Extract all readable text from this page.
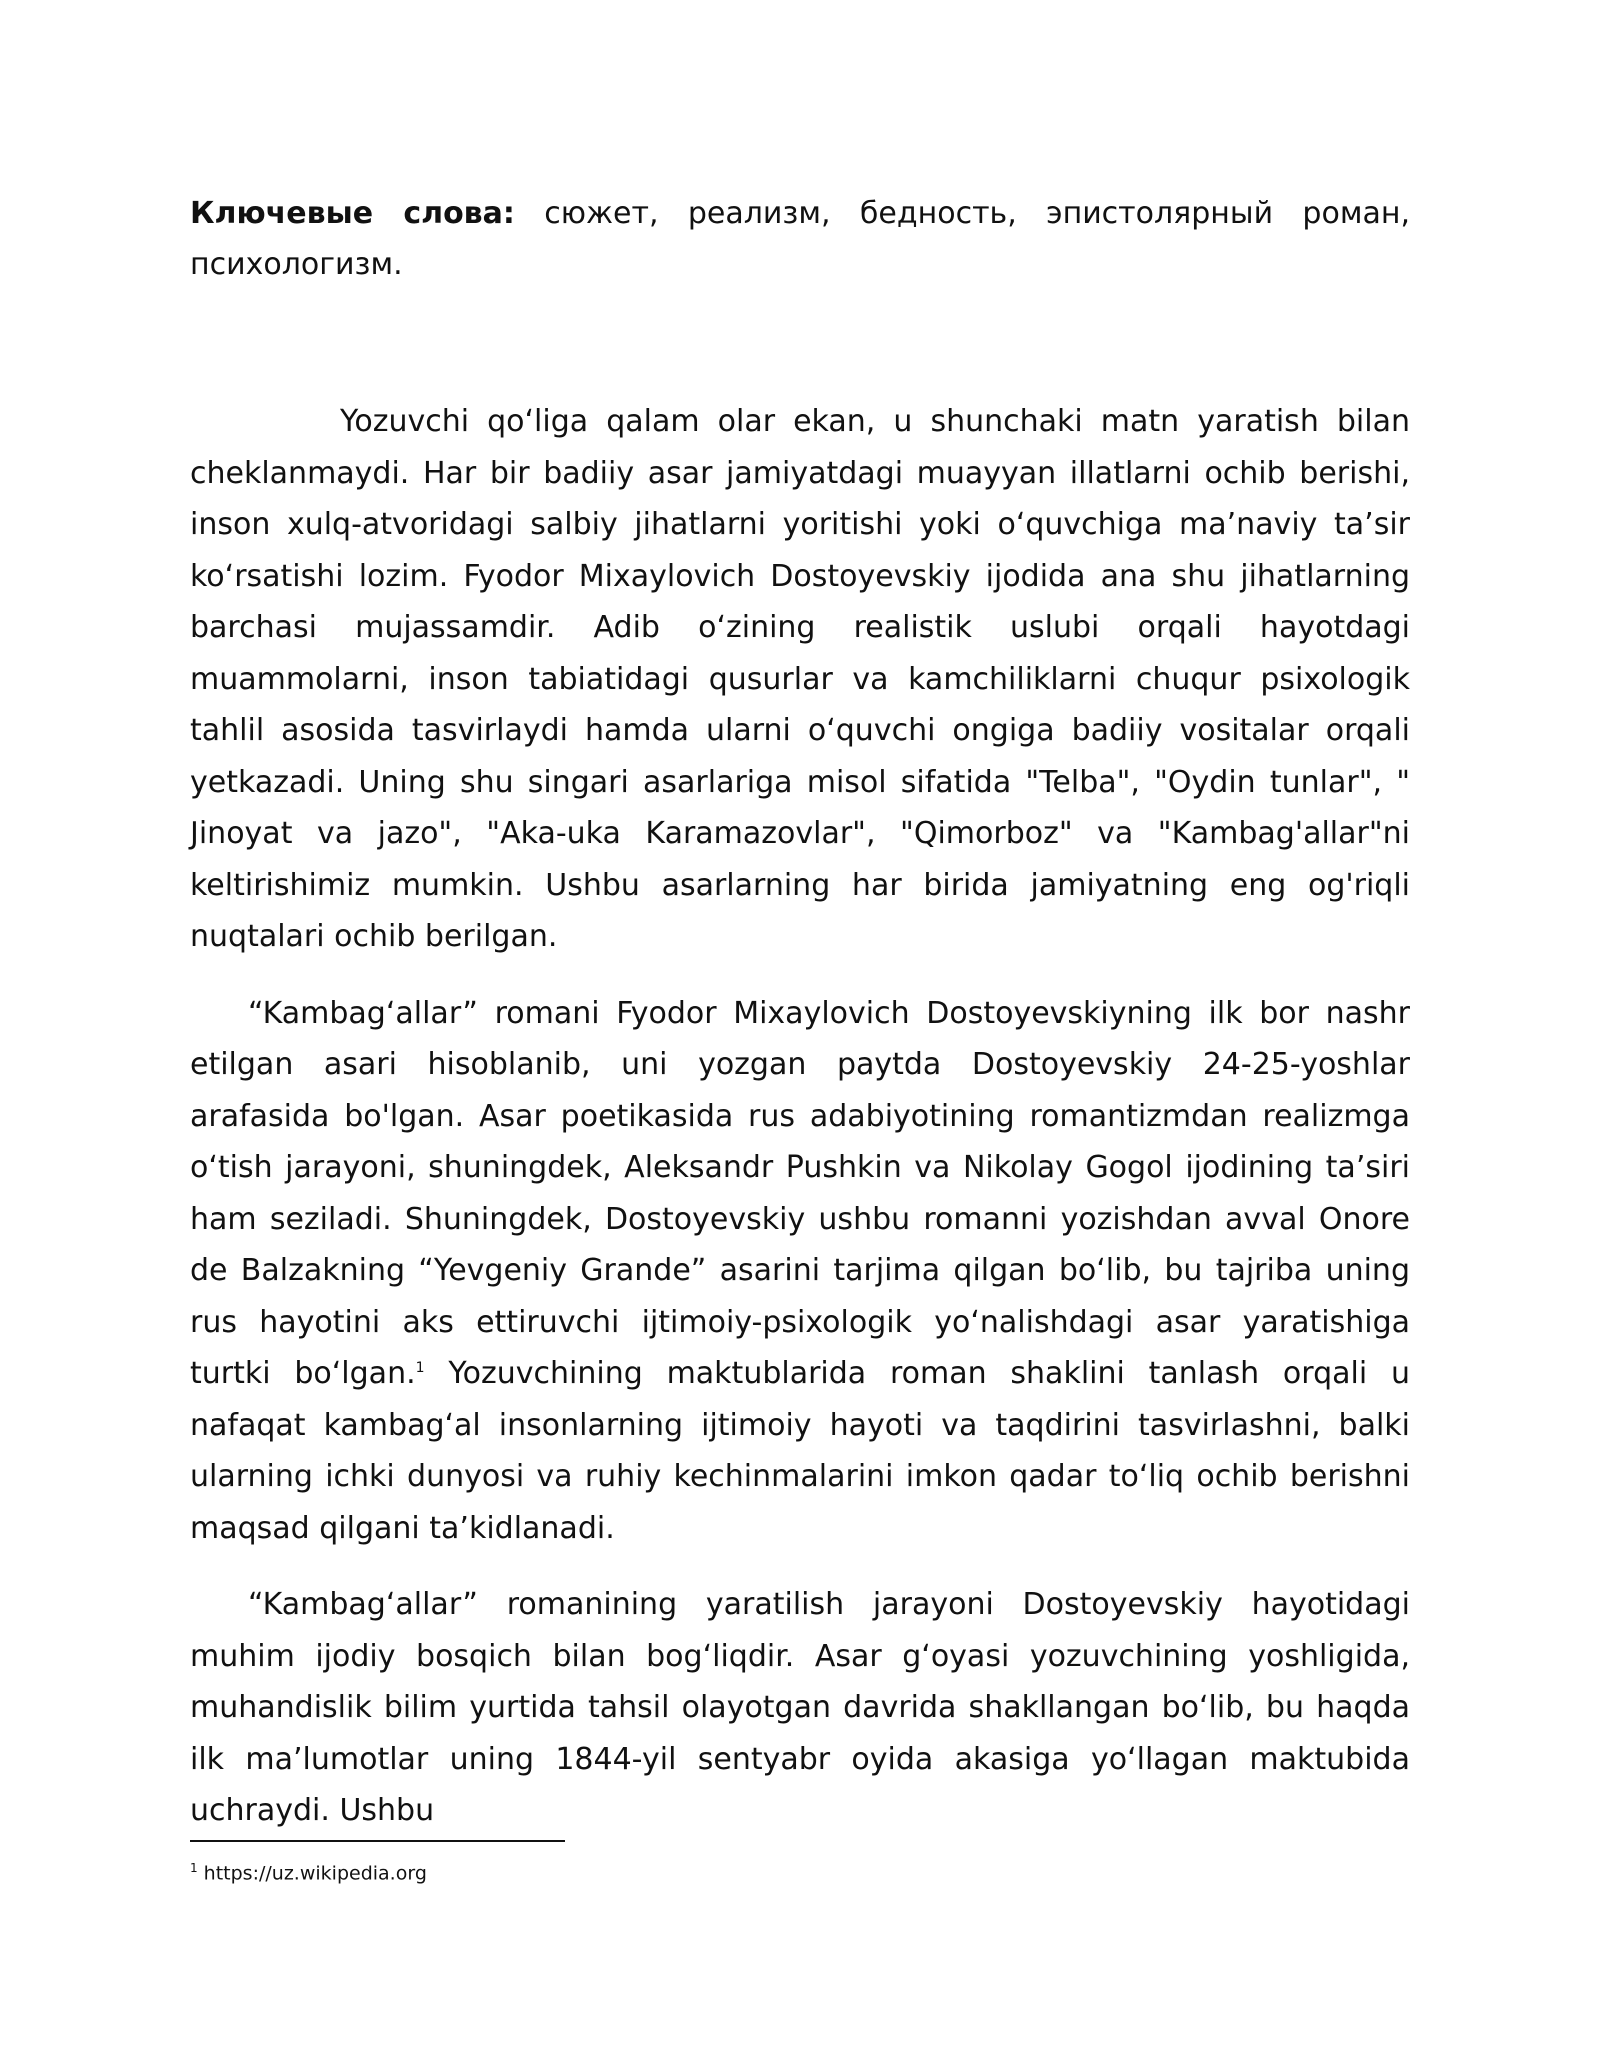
Ключевые слова: сюжет, реализм, бедность, эпистолярный роман, психологизм.

Yozuvchi qoʻliga qalam olar ekan, u shunchaki matn yaratish bilan cheklanmaydi. Har bir badiiy asar jamiyatdagi muayyan illatlarni ochib berishi, inson xulq-atvoridagi salbiy jihatlarni yoritishi yoki oʻquvchiga maʼnaviy taʼsir koʻrsatishi lozim. Fyodor Mixaylovich Dostoyevskiy ijodida ana shu jihatlarning barchasi mujassamdir. Adib oʻzining realistik uslubi orqali hayotdagi muammolarni, inson tabiatidagi qusurlar va kamchiliklarni chuqur psixologik tahlil asosida tasvirlaydi hamda ularni oʻquvchi ongiga badiiy vositalar orqali yetkazadi. Uning shu singari asarlariga misol sifatida "Telba", "Oydin tunlar", " Jinoyat va jazo", "Aka-uka Karamazovlar", "Qimorboz" va "Kambag'allar"ni keltirishimiz mumkin. Ushbu asarlarning har birida jamiyatning eng og'riqli nuqtalari ochib berilgan.

“Kambagʻallar” romani Fyodor Mixaylovich Dostoyevskiyning ilk bor nashr etilgan asari hisoblanib, uni yozgan paytda Dostoyevskiy 24-25-yoshlar arafasida bo'lgan. Asar poetikasida rus adabiyotining romantizmdan realizmga oʻtish jarayoni, shuningdek, Aleksandr Pushkin va Nikolay Gogol ijodining taʼsiri ham seziladi. Shuningdek, Dostoyevskiy ushbu romanni yozishdan avval Onore de Balzakning “Yevgeniy Grande” asarini tarjima qilgan boʻlib, bu tajriba uning rus hayotini aks ettiruvchi ijtimoiy-psixologik yoʻnalishdagi asar yaratishiga turtki boʻlgan.$^1$ Yozuvchining maktublarida roman shaklini tanlash orqali u nafaqat kambagʻal insonlarning ijtimoiy hayoti va taqdirini tasvirlashni, balki ularning ichki dunyosi va ruhiy kechinmalarini imkon qadar toʻliq ochib berishni maqsad qilgani taʼkidlanadi.

“Kambagʻallar” romanining yaratilish jarayoni Dostoyevskiy hayotidagi muhim ijodiy bosqich bilan bogʻliqdir. Asar gʻoyasi yozuvchining yoshligida, muhandislik bilim yurtida tahsil olayotgan davrida shakllangan boʻlib, bu haqda ilk maʼlumotlar uning 1844-yil sentyabr oyida akasiga yoʻllagan maktubida uchraydi. Ushbu

$^1$ https://uz.wikipedia.org
